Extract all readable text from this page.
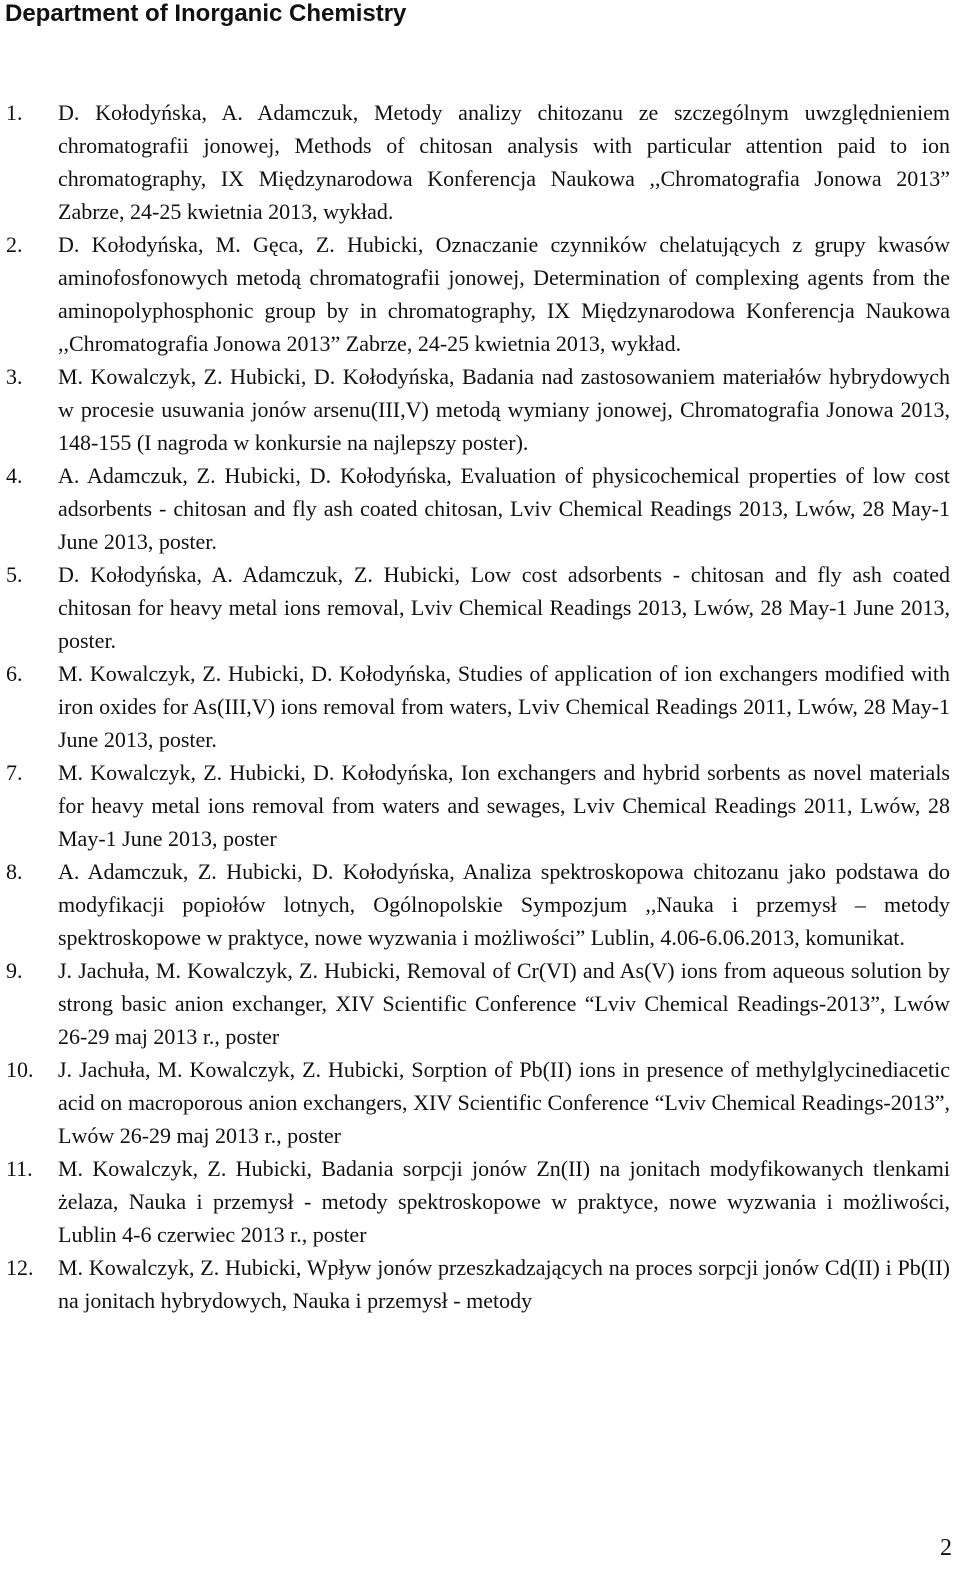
Department of Inorganic Chemistry
1. D. Kołodyńska, A. Adamczuk, Metody analizy chitozanu ze szczególnym uwzględnieniem chromatografii jonowej, Methods of chitosan analysis with particular attention paid to ion chromatography, IX Międzynarodowa Konferencja Naukowa ,,Chromatografia Jonowa 2013” Zabrze, 24-25 kwietnia 2013, wykład.
2. D. Kołodyńska, M. Gęca, Z. Hubicki, Oznaczanie czynników chelatujących z grupy kwasów aminofosfonowych metodą chromatografii jonowej, Determination of complexing agents from the aminopolyphosphonic group by in chromatography, IX Międzynarodowa Konferencja Naukowa ,,Chromatografia Jonowa 2013” Zabrze, 24-25 kwietnia 2013, wykład.
3. M. Kowalczyk, Z. Hubicki, D. Kołodyńska, Badania nad zastosowaniem materiałów hybrydowych w procesie usuwania jonów arsenu(III,V) metodą wymiany jonowej, Chromatografia Jonowa 2013, 148-155 (I nagroda w konkursie na najlepszy poster).
4. A. Adamczuk, Z. Hubicki, D. Kołodyńska, Evaluation of physicochemical properties of low cost adsorbents - chitosan and fly ash coated chitosan, Lviv Chemical Readings 2013, Lwów, 28 May-1 June 2013, poster.
5. D. Kołodyńska, A. Adamczuk, Z. Hubicki, Low cost adsorbents - chitosan and fly ash coated chitosan for heavy metal ions removal, Lviv Chemical Readings 2013, Lwów, 28 May-1 June 2013, poster.
6. M. Kowalczyk, Z. Hubicki, D. Kołodyńska, Studies of application of ion exchangers modified with iron oxides for As(III,V) ions removal from waters, Lviv Chemical Readings 2011, Lwów, 28 May-1 June 2013, poster.
7. M. Kowalczyk, Z. Hubicki, D. Kołodyńska, Ion exchangers and hybrid sorbents as novel materials for heavy metal ions removal from waters and sewages, Lviv Chemical Readings 2011, Lwów, 28 May-1 June 2013, poster
8. A. Adamczuk, Z. Hubicki, D. Kołodyńska, Analiza spektroskopowa chitozanu jako podstawa do modyfikacji popiołów lotnych, Ogólnopolskie Sympozjum ,,Nauka i przemysł – metody spektroskopowe w praktyce, nowe wyzwania i możliwości” Lublin, 4.06-6.06.2013, komunikat.
9. J. Jachuła, M. Kowalczyk, Z. Hubicki, Removal of Cr(VI) and As(V) ions from aqueous solution by strong basic anion exchanger, XIV Scientific Conference “Lviv Chemical Readings-2013”, Lwów 26-29 maj 2013 r., poster
10. J. Jachuła, M. Kowalczyk, Z. Hubicki, Sorption of Pb(II) ions in presence of methylglycinediacetic acid on macroporous anion exchangers, XIV Scientific Conference “Lviv Chemical Readings-2013”, Lwów 26-29 maj 2013 r., poster
11. M. Kowalczyk, Z. Hubicki, Badania sorpcji jonów Zn(II) na jonitach modyfikowanych tlenkami żelaza, Nauka i przemysł - metody spektroskopowe w praktyce, nowe wyzwania i możliwości, Lublin 4-6 czerwiec 2013 r., poster
12. M. Kowalczyk, Z. Hubicki, Wpływ jonów przeszkadzających na proces sorpcji jonów Cd(II) i Pb(II) na jonitach hybrydowych, Nauka i przemysł - metody
2
